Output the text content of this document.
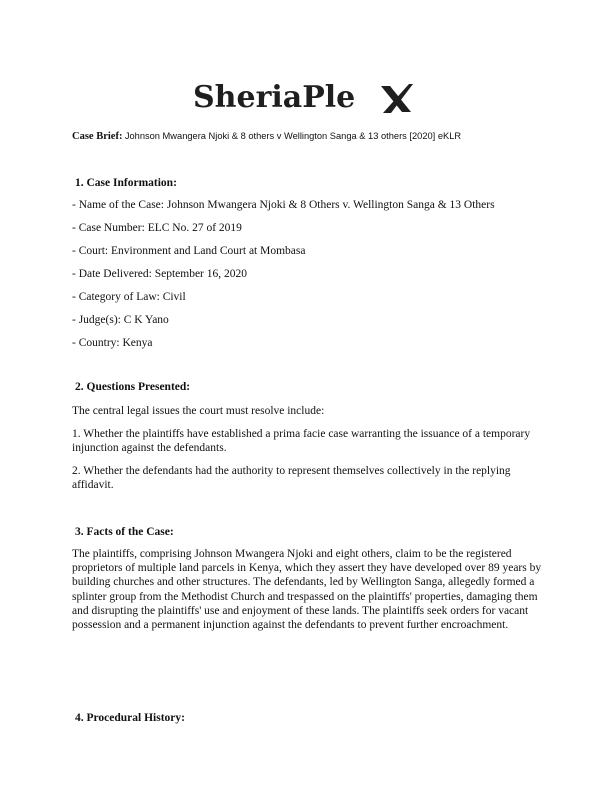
SheriaPle
Case Brief: Johnson Mwangera Njoki & 8 others v Wellington Sanga & 13 others [2020] eKLR
1. Case Information:
- Name of the Case: Johnson Mwangera Njoki & 8 Others v. Wellington Sanga & 13 Others
- Case Number: ELC No. 27 of 2019
- Court: Environment and Land Court at Mombasa
- Date Delivered: September 16, 2020
- Category of Law: Civil
- Judge(s): C K Yano
- Country: Kenya
2. Questions Presented:
The central legal issues the court must resolve include:
1. Whether the plaintiffs have established a prima facie case warranting the issuance of a temporary injunction against the defendants.
2. Whether the defendants had the authority to represent themselves collectively in the replying affidavit.
3. Facts of the Case:
The plaintiffs, comprising Johnson Mwangera Njoki and eight others, claim to be the registered proprietors of multiple land parcels in Kenya, which they assert they have developed over 89 years by building churches and other structures. The defendants, led by Wellington Sanga, allegedly formed a splinter group from the Methodist Church and trespassed on the plaintiffs' properties, damaging them and disrupting the plaintiffs' use and enjoyment of these lands. The plaintiffs seek orders for vacant possession and a permanent injunction against the defendants to prevent further encroachment.
4. Procedural History:
